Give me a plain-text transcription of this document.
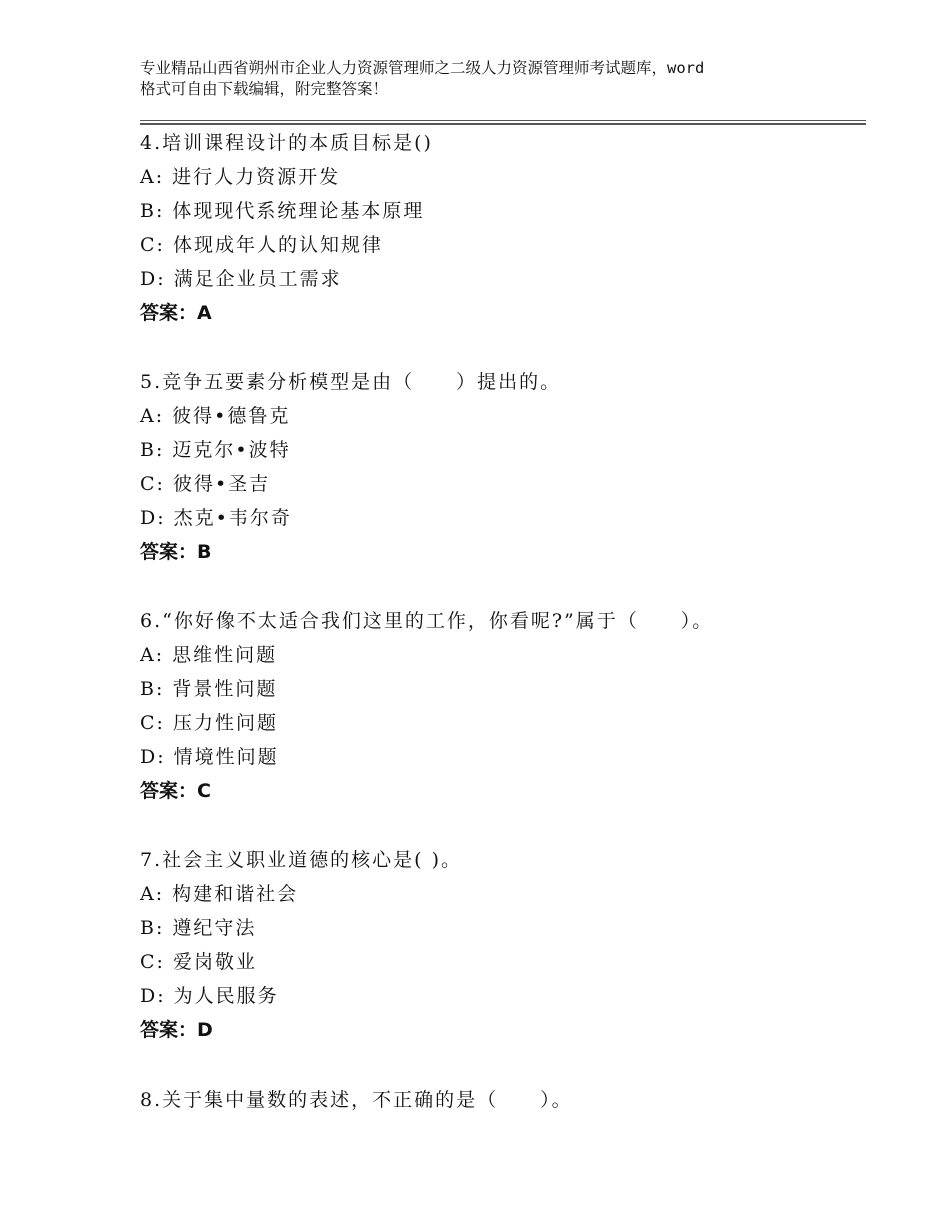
专业精品山西省朔州市企业人力资源管理师之二级人力资源管理师考试题库，word
格式可自由下载编辑，附完整答案！
4.培训课程设计的本质目标是()
A: 进行人力资源开发
B: 体现现代系统理论基本原理
C: 体现成年人的认知规律
D: 满足企业员工需求
答案：A
5.竞争五要素分析模型是由（　　）提出的。
A: 彼得•德鲁克
B: 迈克尔•波特
C: 彼得•圣吉
D: 杰克•韦尔奇
答案：B
6.“你好像不太适合我们这里的工作，你看呢?”属于（　　）。
A: 思维性问题
B: 背景性问题
C: 压力性问题
D: 情境性问题
答案：C
7.社会主义职业道德的核心是( )。
A: 构建和谐社会
B: 遵纪守法
C: 爱岗敬业
D: 为人民服务
答案：D
8.关于集中量数的表述，不正确的是（　　）。
